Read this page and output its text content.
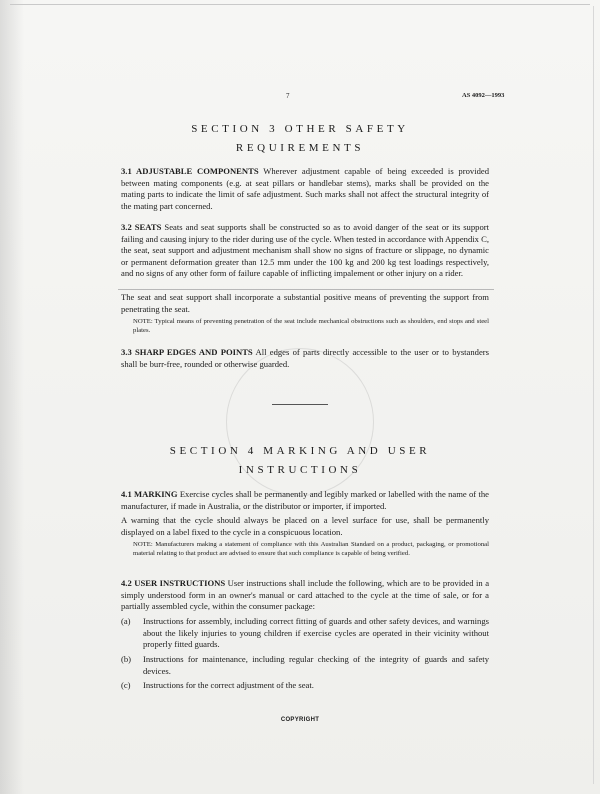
7	AS 4092—1993
SECTION 3 OTHER SAFETY
REQUIREMENTS
3.1 ADJUSTABLE COMPONENTS Wherever adjustment capable of being exceeded is provided between mating components (e.g. at seat pillars or handlebar stems), marks shall be provided on the mating parts to indicate the limit of safe adjustment. Such marks shall not affect the structural integrity of the mating part concerned.
3.2 SEATS Seats and seat supports shall be constructed so as to avoid danger of the seat or its support failing and causing injury to the rider during use of the cycle. When tested in accordance with Appendix C, the seat, seat support and adjustment mechanism shall show no signs of fracture or slippage, no dynamic or permanent deformation greater than 12.5 mm under the 100 kg and 200 kg test loadings respectively, and no signs of any other form of failure capable of inflicting impalement or other injury on a rider.
The seat and seat support shall incorporate a substantial positive means of preventing the support from penetrating the seat.
NOTE: Typical means of preventing penetration of the seat include mechanical obstructions such as shoulders, end stops and steel plates.
3.3 SHARP EDGES AND POINTS All edges of parts directly accessible to the user or to bystanders shall be burr-free, rounded or otherwise guarded.
SECTION 4 MARKING AND USER
INSTRUCTIONS
4.1 MARKING Exercise cycles shall be permanently and legibly marked or labelled with the name of the manufacturer, if made in Australia, or the distributor or importer, if imported.
A warning that the cycle should always be placed on a level surface for use, shall be permanently displayed on a label fixed to the cycle in a conspicuous location.
NOTE: Manufacturers making a statement of compliance with this Australian Standard on a product, packaging, or promotional material relating to that product are advised to ensure that such compliance is capable of being verified.
4.2 USER INSTRUCTIONS User instructions shall include the following, which are to be provided in a simply understood form in an owner's manual or card attached to the cycle at the time of sale, or for a partially assembled cycle, within the consumer package:
(a) Instructions for assembly, including correct fitting of guards and other safety devices, and warnings about the likely injuries to young children if exercise cycles are operated in their vicinity without properly fitted guards.
(b) Instructions for maintenance, including regular checking of the integrity of guards and safety devices.
(c) Instructions for the correct adjustment of the seat.
COPYRIGHT
